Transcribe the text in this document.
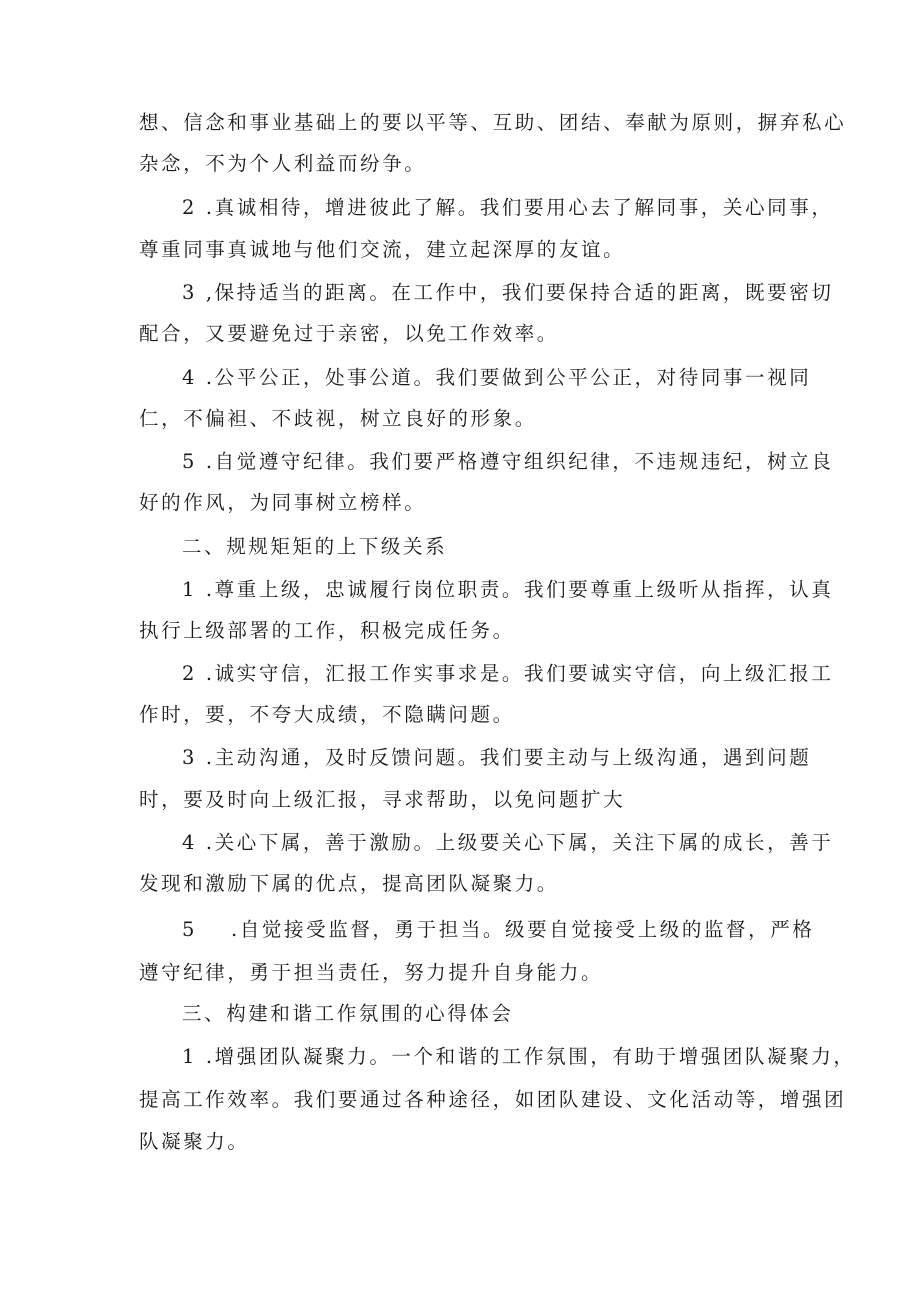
想、信念和事业基础上的要以平等、互助、团结、奉献为原则，摒弃私心
杂念，不为个人利益而纷争。
2 .真诚相待，增进彼此了解。我们要用心去了解同事，关心同事，
尊重同事真诚地与他们交流，建立起深厚的友谊。
3 ,保持适当的距离。在工作中，我们要保持合适的距离，既要密切
配合，又要避免过于亲密，以免工作效率。
4 .公平公正，处事公道。我们要做到公平公正，对待同事一视同
仁，不偏袒、不歧视，树立良好的形象。
5 .自觉遵守纪律。我们要严格遵守组织纪律，不违规违纪，树立良
好的作风，为同事树立榜样。
二、规规矩矩的上下级关系
1 .尊重上级，忠诚履行岗位职责。我们要尊重上级听从指挥，认真
执行上级部署的工作，积极完成任务。
2 .诚实守信，汇报工作实事求是。我们要诚实守信，向上级汇报工
作时，要，不夸大成绩，不隐瞒问题。
3 .主动沟通，及时反馈问题。我们要主动与上级沟通，遇到问题
时，要及时向上级汇报，寻求帮助，以免问题扩大
4 .关心下属，善于激励。上级要关心下属，关注下属的成长，善于
发现和激励下属的优点，提高团队凝聚力。
5 .自觉接受监督，勇于担当。级要自觉接受上级的监督，严格
遵守纪律，勇于担当责任，努力提升自身能力。
三、构建和谐工作氛围的心得体会
1 .增强团队凝聚力。一个和谐的工作氛围，有助于增强团队凝聚力，
提高工作效率。我们要通过各种途径，如团队建设、文化活动等，增强团
队凝聚力。
